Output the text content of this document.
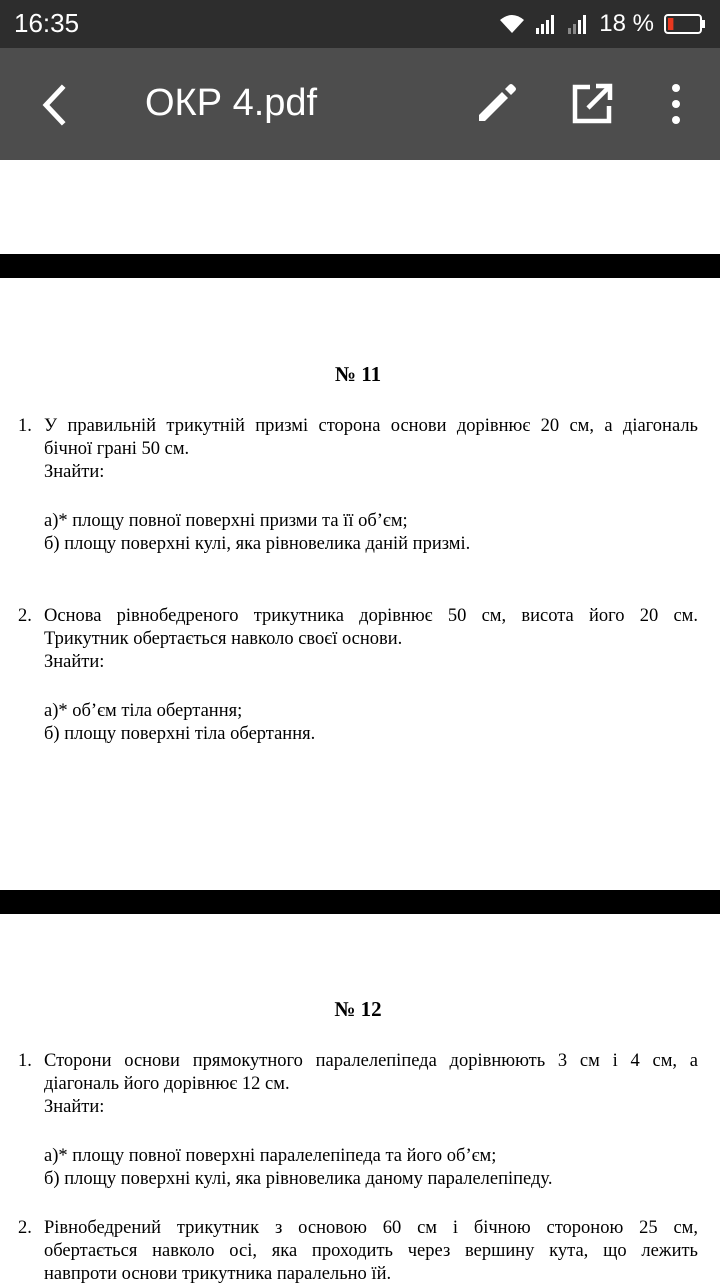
16:35	18 %
ОКР 4.pdf
№ 11
1. У правильній трикутній призмі сторона основи дорівнює 20 см, а діагональ
бічної грані 50 см.
Знайти:
а)* площу повної поверхні призми та її об’єм;
б) площу поверхні кулі, яка рівновелика даній призмі.
2. Основа рівнобедреного трикутника дорівнює 50 см, висота його 20 см.
Трикутник обертається навколо своєї основи.
Знайти:
а)* об’єм тіла обертання;
б) площу поверхні тіла обертання.
№ 12
1. Сторони основи прямокутного паралелепіпеда дорівнюють 3 см і 4 см, а
діагональ його дорівнює 12 см.
Знайти:
а)* площу повної поверхні паралелепіпеда та його об’єм;
б) площу поверхні кулі, яка рівновелика даному паралелепіпеду.
2. Рівнобедрений трикутник з основою 60 см і бічною стороною 25 см,
обертається навколо осі, яка проходить через вершину кута, що лежить
навпроти основи трикутника паралельно їй.
